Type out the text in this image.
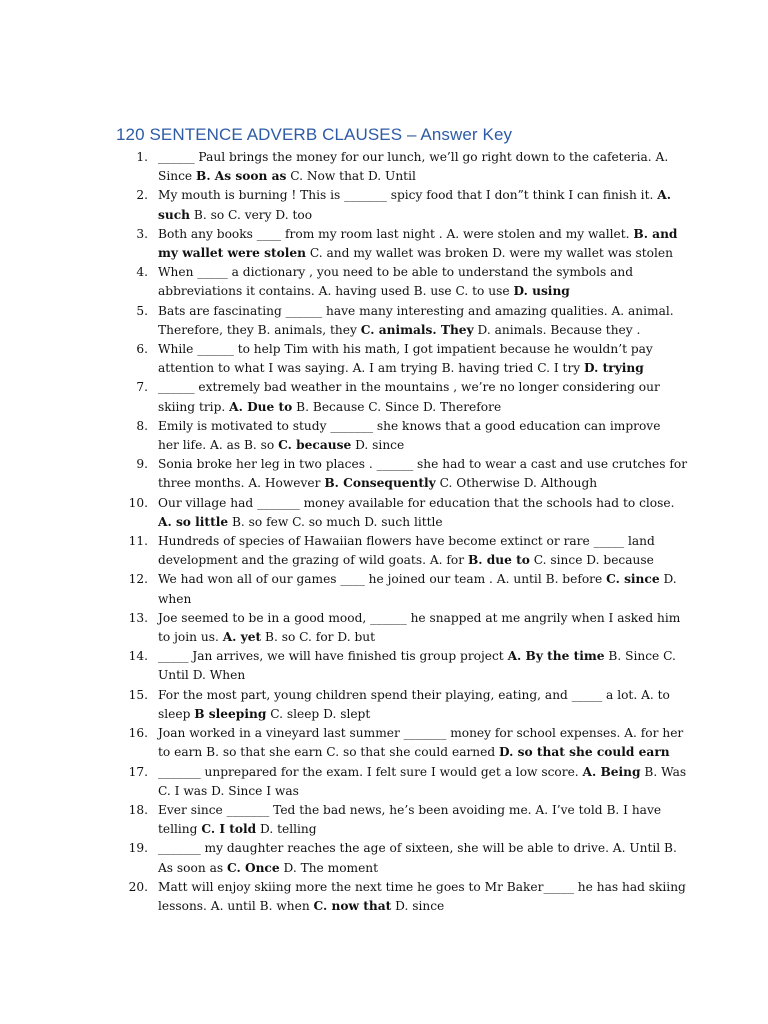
120 SENTENCE ADVERB CLAUSES – Answer Key
1. ______ Paul brings the money for our lunch, we’ll go right down to the cafeteria. A.
Since B. As soon as C. Now that D. Until
2. My mouth is burning ! This is _______ spicy food that I don”t think I can finish it. A.
such B. so C. very D. too
3. Both any books ____ from my room last night . A. were stolen and my wallet. B. and
my wallet were stolen C. and my wallet was broken D. were my wallet was stolen
4. When _____ a dictionary , you need to be able to understand the symbols and
abbreviations it contains. A. having used B. use C. to use D. using
5. Bats are fascinating ______ have many interesting and amazing qualities. A. animal.
Therefore, they B. animals, they C. animals. They D. animals. Because they .
6. While ______ to help Tim with his math, I got impatient because he wouldn’t pay
attention to what I was saying. A. I am trying B. having tried C. I try D. trying
7. ______ extremely bad weather in the mountains , we’re no longer considering our
skiing trip. A. Due to B. Because C. Since D. Therefore
8. Emily is motivated to study _______ she knows that a good education can improve
her life. A. as B. so C. because D. since
9. Sonia broke her leg in two places . ______ she had to wear a cast and use crutches for
three months. A. However B. Consequently C. Otherwise D. Although
10. Our village had _______ money available for education that the schools had to close.
A. so little B. so few C. so much D. such little
11. Hundreds of species of Hawaiian flowers have become extinct or rare _____ land
development and the grazing of wild goats. A. for B. due to C. since D. because
12. We had won all of our games ____ he joined our team . A. until B. before C. since D.
when
13. Joe seemed to be in a good mood, ______ he snapped at me angrily when I asked him
to join us. A. yet B. so C. for D. but
14. _____ Jan arrives, we will have finished tis group project A. By the time B. Since C.
Until D. When
15. For the most part, young children spend their playing, eating, and _____ a lot. A. to
sleep B sleeping C. sleep D. slept
16. Joan worked in a vineyard last summer _______ money for school expenses. A. for her
to earn B. so that she earn C. so that she could earned D. so that she could earn
17. _______ unprepared for the exam. I felt sure I would get a low score. A. Being B. Was
C. I was D. Since I was
18. Ever since _______ Ted the bad news, he’s been avoiding me. A. I’ve told B. I have
telling C. I told D. telling
19. _______ my daughter reaches the age of sixteen, she will be able to drive. A. Until B.
As soon as C. Once D. The moment
20. Matt will enjoy skiing more the next time he goes to Mr Baker_____ he has had skiing
lessons. A. until B. when C. now that D. since
